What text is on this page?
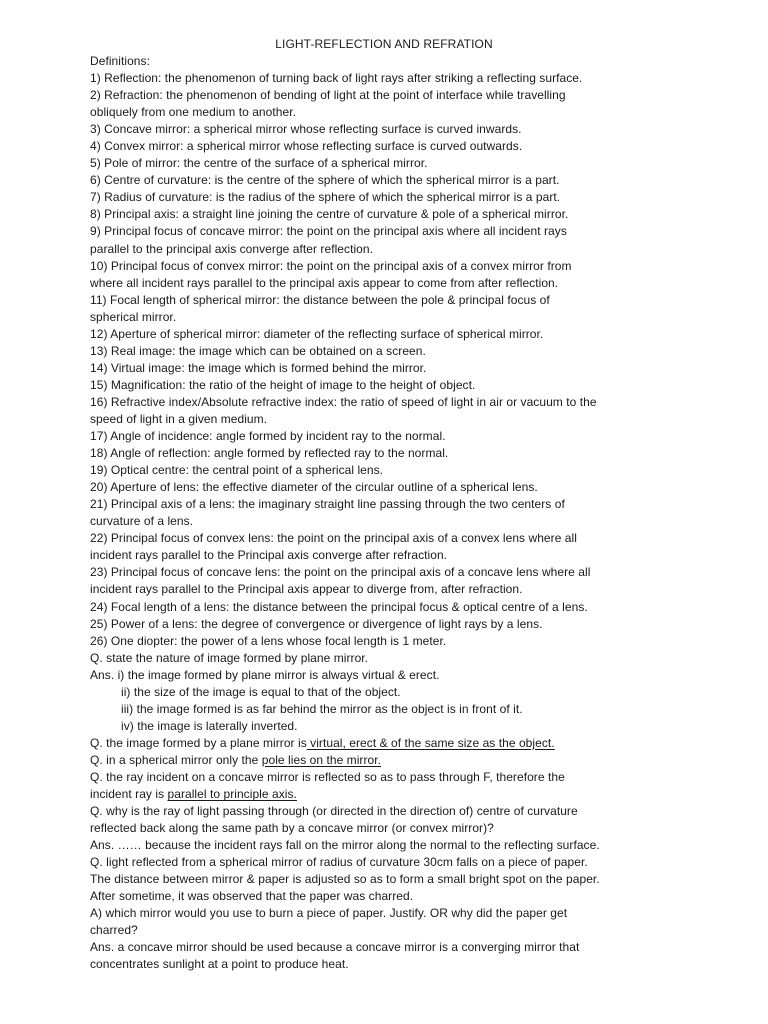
LIGHT-REFLECTION AND REFRATION
Definitions:
1) Reflection: the phenomenon of turning back of light rays after striking a reflecting surface.
2) Refraction: the phenomenon of bending of light at the point of interface while travelling
obliquely from one medium to another.
3) Concave mirror: a spherical mirror whose reflecting surface is curved inwards.
4) Convex mirror: a spherical mirror whose reflecting surface is curved outwards.
5) Pole of mirror: the centre of the surface of a spherical mirror.
6) Centre of curvature: is the centre of the sphere of which the spherical mirror is a part.
7) Radius of curvature: is the radius of the sphere of which the spherical mirror is a part.
8) Principal axis: a straight line joining the centre of curvature & pole of a spherical mirror.
9) Principal focus of concave mirror: the point on the principal axis where all incident rays
parallel to the principal axis converge after reflection.
10) Principal focus of convex mirror: the point on the principal axis of a convex mirror from
where all incident rays parallel to the principal axis appear to come from after reflection.
11) Focal length of spherical mirror: the distance between the pole & principal focus of
spherical mirror.
12) Aperture of spherical mirror: diameter of the reflecting surface of spherical mirror.
13) Real image: the image which can be obtained on a screen.
14) Virtual image: the image which is formed behind the mirror.
15) Magnification: the ratio of the height of image to the height of object.
16) Refractive index/Absolute refractive index: the ratio of speed of light in air or vacuum to the
speed of light in a given medium.
17) Angle of incidence: angle formed by incident ray to the normal.
18) Angle of reflection: angle formed by reflected ray to the normal.
19) Optical centre: the central point of a spherical lens.
20) Aperture of lens: the effective diameter of the circular outline of a spherical lens.
21) Principal axis of a lens: the imaginary straight line passing through the two centers of
curvature of a lens.
22) Principal focus of convex lens: the point on the principal axis of a convex lens where all
incident rays parallel to the Principal axis converge after refraction.
23) Principal focus of concave lens: the point on the principal axis of a concave lens where all
incident rays parallel to the Principal axis appear to diverge from, after refraction.
24) Focal length of a lens: the distance between the principal focus & optical centre of a lens.
25) Power of a lens: the degree of convergence or divergence of light rays by a lens.
26) One diopter: the power of a lens whose focal length is 1 meter.
Q. state the nature of image formed by plane mirror.
Ans. i) the image formed by plane mirror is always virtual & erect.
ii) the size of the image is equal to that of the object.
iii) the image formed is as far behind the mirror as the object is in front of it.
iv) the image is laterally inverted.
Q. the image formed by a plane mirror is virtual, erect & of the same size as the object.
Q. in a spherical mirror only the pole lies on the mirror.
Q. the ray incident on a concave mirror is reflected so as to pass through F, therefore the
incident ray is parallel to principle axis.
Q. why is the ray of light passing through (or directed in the direction of) centre of curvature
reflected back along the same path by a concave mirror (or convex mirror)?
Ans. …… because the incident rays fall on the mirror along the normal to the reflecting surface.
Q. light reflected from a spherical mirror of radius of curvature 30cm falls on a piece of paper.
The distance between mirror & paper is adjusted so as to form a small bright spot on the paper.
After sometime, it was observed that the paper was charred.
A) which mirror would you use to burn a piece of paper. Justify. OR why did the paper get
charred?
Ans. a concave mirror should be used because a concave mirror is a converging mirror that
concentrates sunlight at a point to produce heat.
